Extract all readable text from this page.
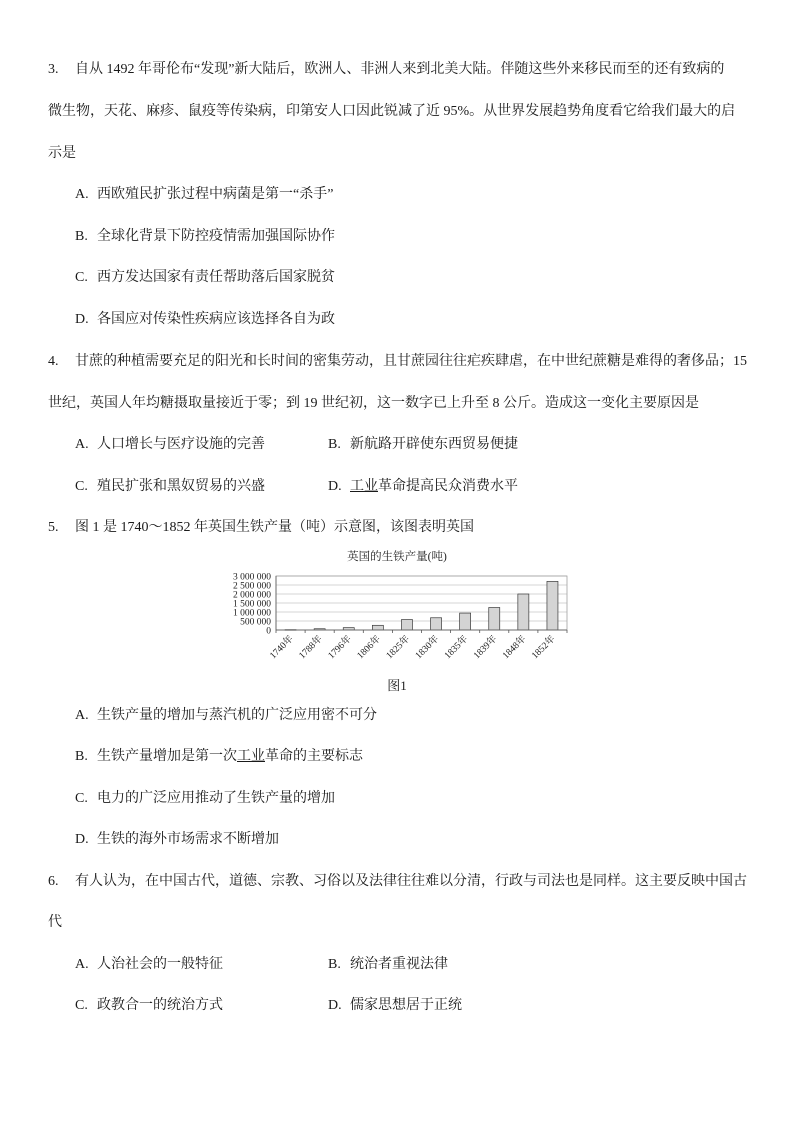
3. 自从 1492 年哥伦布“发现”新大陆后，欧洲人、非洲人来到北美大陆。伴随这些外来移民而至的还有致病的
微生物，天花、麻疹、鼠疫等传染病，印第安人口因此锐减了近 95%。从世界发展趋势角度看它给我们最大的启
示是
A. 西欧殖民扩张过程中病菌是第一“杀手”
B. 全球化背景下防控疫情需加强国际协作
C. 西方发达国家有责任帮助落后国家脱贫
D. 各国应对传染性疾病应该选择各自为政
4. 甘蔗的种植需要充足的阳光和长时间的密集劳动，且甘蔗园往往疟疾肆虐，在中世纪蔗糖是难得的奢侈品；15
世纪，英国人年均糖摄取量接近于零；到 19 世纪初，这一数字已上升至 8 公斤。造成这一变化主要原因是
A. 人口增长与医疗设施的完善	B. 新航路开辟使东西贸易便捷
C. 殖民扩张和黑奴贸易的兴盛	D. 工业革命提高民众消费水平
5. 图 1 是 1740～1852 年英国生铁产量（吨）示意图，该图表明英国
英国的生铁产量(吨)
3 000 000
2 500 000
2 000 000
1 500 000
1 000 000
500 000
0
1740年 1788年 1796年 1806年 1825年 1830年 1835年 1839年 1848年 1852年
图1
A. 生铁产量的增加与蒸汽机的广泛应用密不可分
B. 生铁产量增加是第一次工业革命的主要标志
C. 电力的广泛应用推动了生铁产量的增加
D. 生铁的海外市场需求不断增加
6. 有人认为，在中国古代，道德、宗教、习俗以及法律往往难以分清，行政与司法也是同样。这主要反映中国古
代
A. 人治社会的一般特征	B. 统治者重视法律
C. 政教合一的统治方式	D. 儒家思想居于正统
